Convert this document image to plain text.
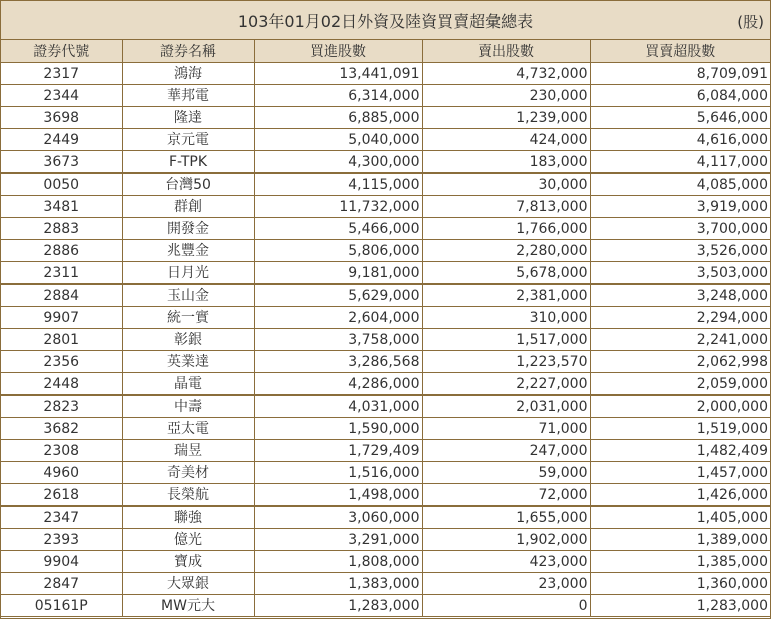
103年01月02日外資及陸資買賣超彙總表	(股)
證券代號	證券名稱	買進股數	賣出股數	買賣超股數
2317	鴻海	13,441,091	4,732,000	8,709,091
2344	華邦電	6,314,000	230,000	6,084,000
3698	隆達	6,885,000	1,239,000	5,646,000
2449	京元電	5,040,000	424,000	4,616,000
3673	F-TPK	4,300,000	183,000	4,117,000
0050	台灣50	4,115,000	30,000	4,085,000
3481	群創	11,732,000	7,813,000	3,919,000
2883	開發金	5,466,000	1,766,000	3,700,000
2886	兆豐金	5,806,000	2,280,000	3,526,000
2311	日月光	9,181,000	5,678,000	3,503,000
2884	玉山金	5,629,000	2,381,000	3,248,000
9907	統一實	2,604,000	310,000	2,294,000
2801	彰銀	3,758,000	1,517,000	2,241,000
2356	英業達	3,286,568	1,223,570	2,062,998
2448	晶電	4,286,000	2,227,000	2,059,000
2823	中壽	4,031,000	2,031,000	2,000,000
3682	亞太電	1,590,000	71,000	1,519,000
2308	瑞昱	1,729,409	247,000	1,482,409
4960	奇美材	1,516,000	59,000	1,457,000
2618	長榮航	1,498,000	72,000	1,426,000
2347	聯強	3,060,000	1,655,000	1,405,000
2393	億光	3,291,000	1,902,000	1,389,000
9904	寶成	1,808,000	423,000	1,385,000
2847	大眾銀	1,383,000	23,000	1,360,000
05161P	MW元大	1,283,000	0	1,283,000
